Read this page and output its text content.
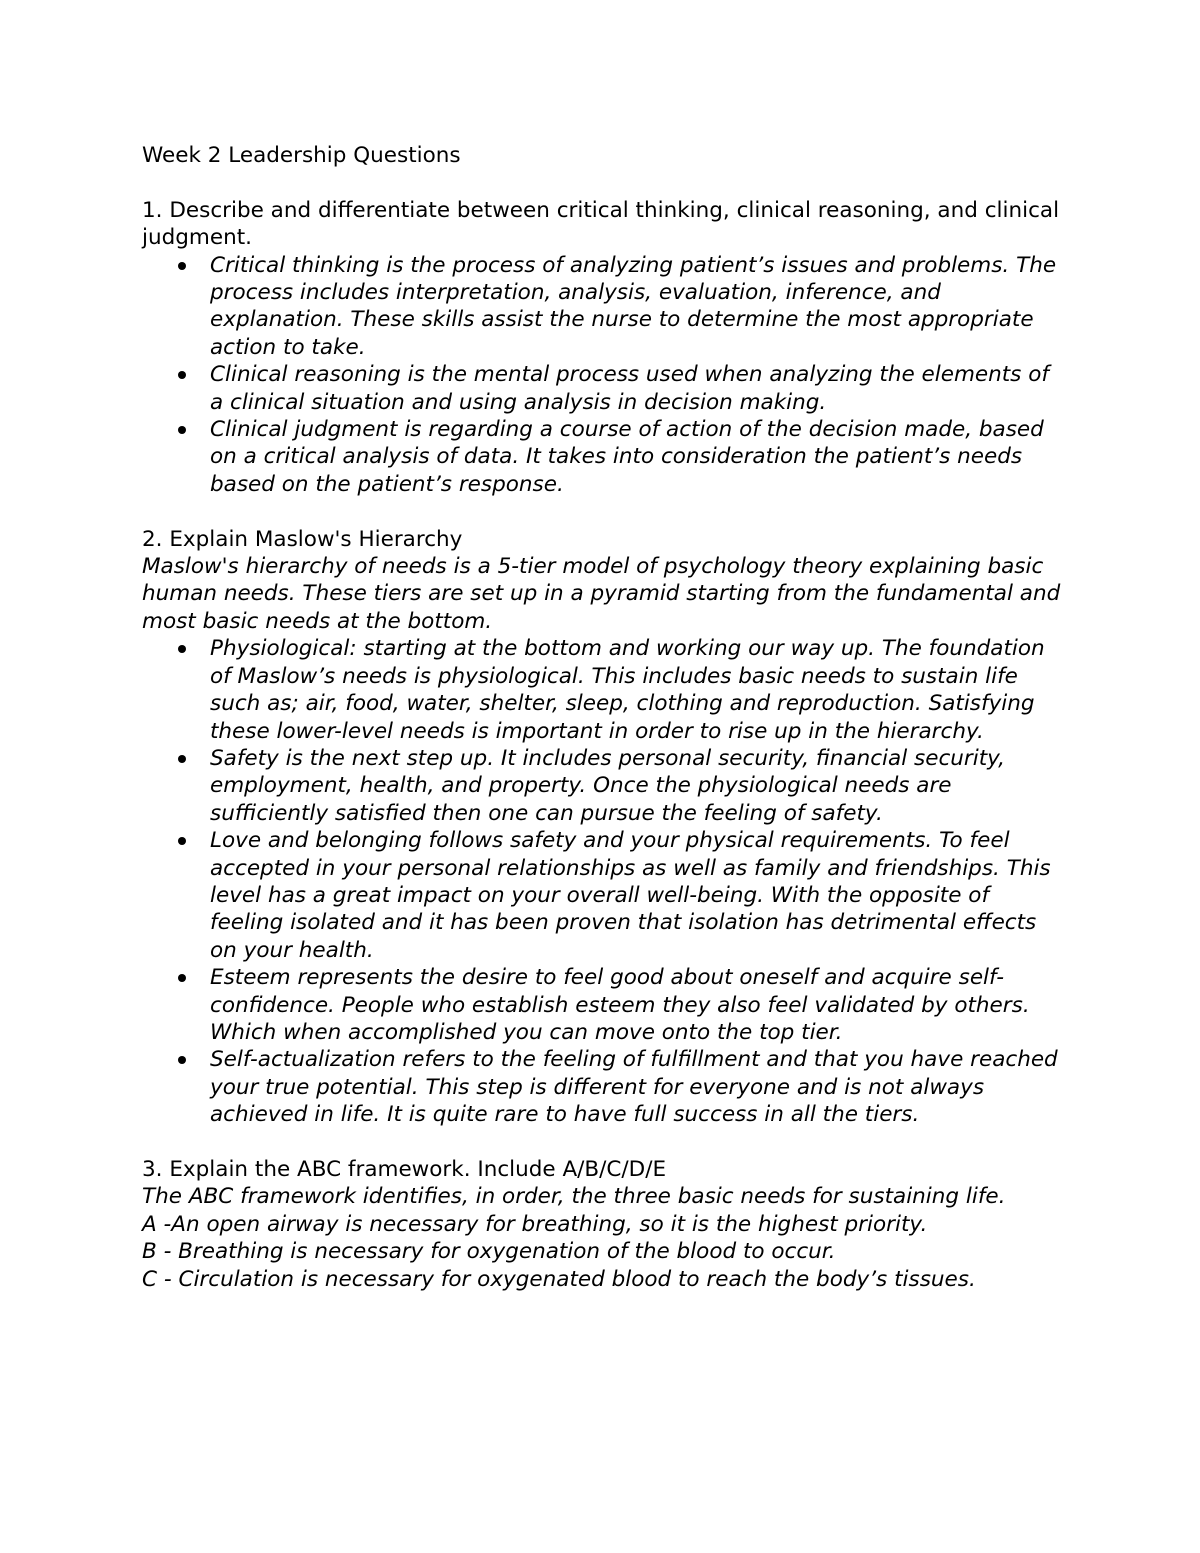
Week 2 Leadership Questions

1. Describe and differentiate between critical thinking, clinical reasoning, and clinical judgment.

Critical thinking is the process of analyzing patient’s issues and problems. The process includes interpretation, analysis, evaluation, inference, and explanation. These skills assist the nurse to determine the most appropriate action to take.
Clinical reasoning is the mental process used when analyzing the elements of a clinical situation and using analysis in decision making.
Clinical judgment is regarding a course of action of the decision made, based on a critical analysis of data. It takes into consideration the patient’s needs based on the patient’s response.

2. Explain Maslow's Hierarchy

Maslow's hierarchy of needs is a 5-tier model of psychology theory explaining basic human needs. These tiers are set up in a pyramid starting from the fundamental and most basic needs at the bottom.

Physiological: starting at the bottom and working our way up. The foundation of Maslow’s needs is physiological. This includes basic needs to sustain life such as; air, food, water, shelter, sleep, clothing and reproduction. Satisfying these lower-level needs is important in order to rise up in the hierarchy.
Safety is the next step up. It includes personal security, financial security, employment, health, and property. Once the physiological needs are sufficiently satisfied then one can pursue the feeling of safety.
Love and belonging follows safety and your physical requirements. To feel accepted in your personal relationships as well as family and friendships. This level has a great impact on your overall well-being. With the opposite of feeling isolated and it has been proven that isolation has detrimental effects on your health.
Esteem represents the desire to feel good about oneself and acquire self-confidence. People who establish esteem they also feel validated by others. Which when accomplished you can move onto the top tier.
Self-actualization refers to the feeling of fulfillment and that you have reached your true potential. This step is different for everyone and is not always achieved in life. It is quite rare to have full success in all the tiers.

3. Explain the ABC framework. Include A/B/C/D/E

The ABC framework identifies, in order, the three basic needs for sustaining life.

A -An open airway is necessary for breathing, so it is the highest priority.

B - Breathing is necessary for oxygenation of the blood to occur.

C - Circulation is necessary for oxygenated blood to reach the body’s tissues.
